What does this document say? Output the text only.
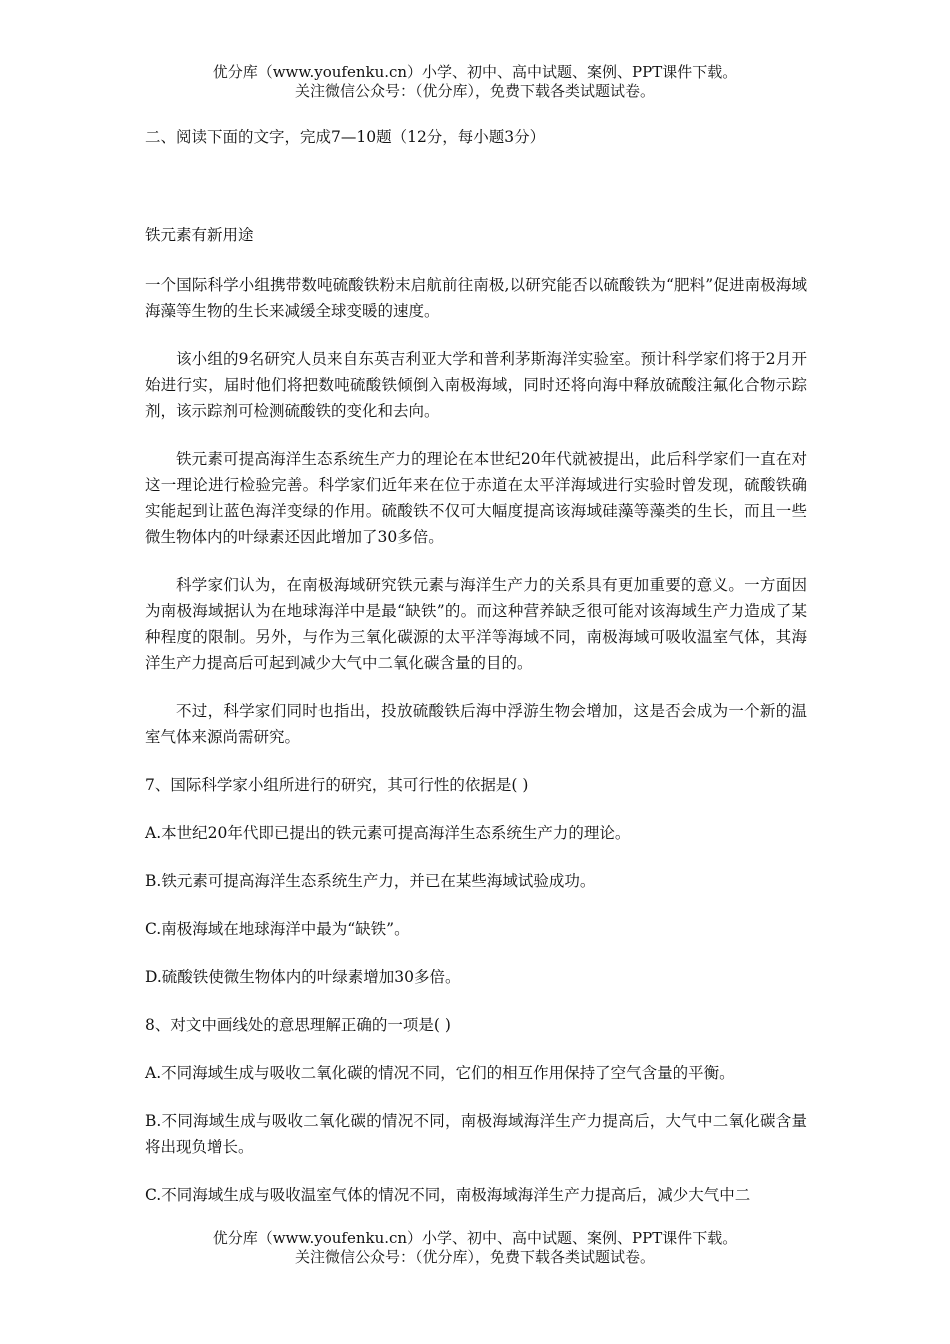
优分库（www.youfenku.cn）小学、初中、高中试题、案例、PPT课件下载。
关注微信公众号：（优分库），免费下载各类试题试卷。
二、阅读下面的文字，完成7—10题（12分，每小题3分）
铁元素有新用途
一个国际科学小组携带数吨硫酸铁粉末启航前往南极,以研究能否以硫酸铁为“肥料”促进南极海域海藻等生物的生长来减缓全球变暖的速度。
该小组的9名研究人员来自东英吉利亚大学和普利茅斯海洋实验室。预计科学家们将于2月开始进行实，届时他们将把数吨硫酸铁倾倒入南极海域，同时还将向海中释放硫酸注氟化合物示踪剂，该示踪剂可检测硫酸铁的变化和去向。
铁元素可提高海洋生态系统生产力的理论在本世纪20年代就被提出，此后科学家们一直在对这一理论进行检验完善。科学家们近年来在位于赤道在太平洋海域进行实验时曾发现，硫酸铁确实能起到让蓝色海洋变绿的作用。硫酸铁不仅可大幅度提高该海域硅藻等藻类的生长，而且一些微生物体内的叶绿素还因此增加了30多倍。
科学家们认为，在南极海域研究铁元素与海洋生产力的关系具有更加重要的意义。一方面因为南极海域据认为在地球海洋中是最“缺铁”的。而这种营养缺乏很可能对该海域生产力造成了某种程度的限制。另外，与作为三氧化碳源的太平洋等海域不同，南极海域可吸收温室气体，其海洋生产力提高后可起到减少大气中二氧化碳含量的目的。
不过，科学家们同时也指出，投放硫酸铁后海中浮游生物会增加，这是否会成为一个新的温室气体来源尚需研究。
7、国际科学家小组所进行的研究，其可行性的依据是( )
A.本世纪20年代即已提出的铁元素可提高海洋生态系统生产力的理论。
B.铁元素可提高海洋生态系统生产力，并已在某些海域试验成功。
C.南极海域在地球海洋中最为“缺铁”。
D.硫酸铁使微生物体内的叶绿素增加30多倍。
8、对文中画线处的意思理解正确的一项是( )
A.不同海域生成与吸收二氧化碳的情况不同，它们的相互作用保持了空气含量的平衡。
B.不同海域生成与吸收二氧化碳的情况不同，南极海域海洋生产力提高后，大气中二氧化碳含量将出现负增长。
C.不同海域生成与吸收温室气体的情况不同，南极海域海洋生产力提高后，减少大气中二
优分库（www.youfenku.cn）小学、初中、高中试题、案例、PPT课件下载。
关注微信公众号：（优分库），免费下载各类试题试卷。
